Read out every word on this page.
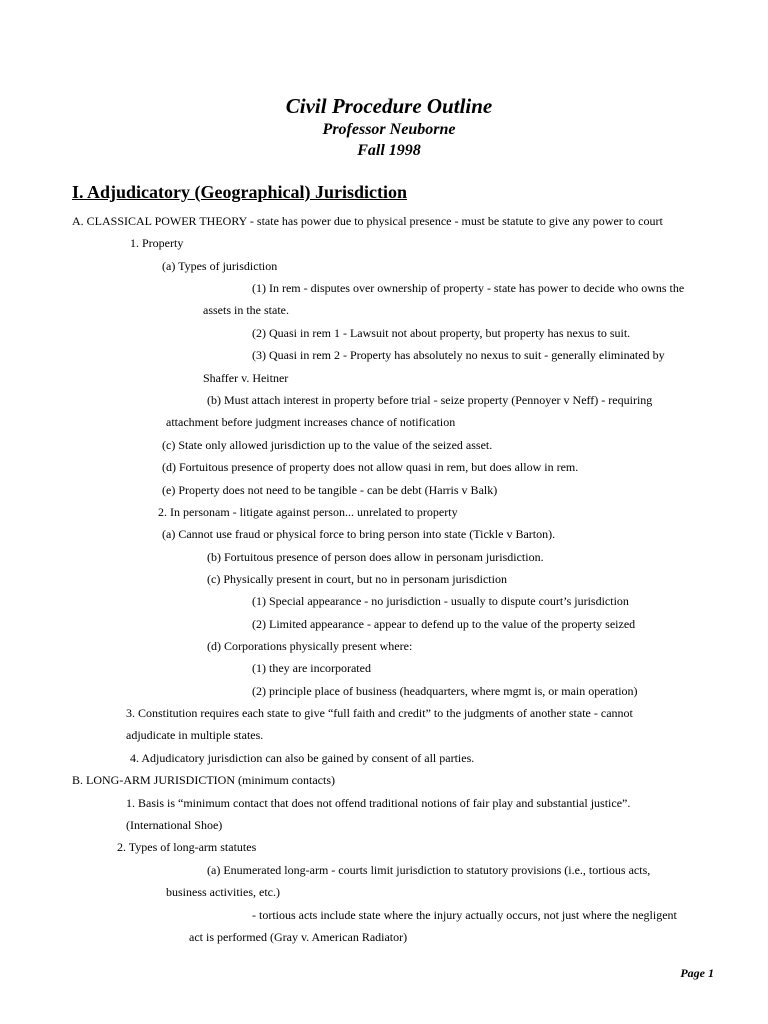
Civil Procedure Outline
Professor Neuborne
Fall 1998
I. Adjudicatory (Geographical) Jurisdiction
A. CLASSICAL POWER THEORY - state has power due to physical presence - must be statute to give any power to court
1. Property
(a) Types of jurisdiction
(1) In rem - disputes over ownership of property - state has power to decide who owns the
assets in the state.
(2) Quasi in rem 1 - Lawsuit not about property, but property has nexus to suit.
(3) Quasi in rem 2 - Property has absolutely no nexus to suit - generally eliminated by
Shaffer v. Heitner
(b) Must attach interest in property before trial - seize property (Pennoyer v Neff) - requiring
attachment before judgment increases chance of notification
(c) State only allowed jurisdiction up to the value of the seized asset.
(d) Fortuitous presence of property does not allow quasi in rem, but does allow in rem.
(e) Property does not need to be tangible - can be debt (Harris v Balk)
2. In personam - litigate against person... unrelated to property
(a) Cannot use fraud or physical force to bring person into state (Tickle v Barton).
(b) Fortuitous presence of person does allow in personam jurisdiction.
(c) Physically present in court, but no in personam jurisdiction
(1) Special appearance - no jurisdiction - usually to dispute court’s jurisdiction
(2) Limited appearance - appear to defend up to the value of the property seized
(d) Corporations physically present where:
(1) they are incorporated
(2) principle place of business (headquarters, where mgmt is, or main operation)
3. Constitution requires each state to give “full faith and credit” to the judgments of another state - cannot
adjudicate in multiple states.
4. Adjudicatory jurisdiction can also be gained by consent of all parties.
B. LONG-ARM JURISDICTION (minimum contacts)
1. Basis is “minimum contact that does not offend traditional notions of fair play and substantial justice”.
(International Shoe)
2. Types of long-arm statutes
(a) Enumerated long-arm - courts limit jurisdiction to statutory provisions (i.e., tortious acts,
business activities, etc.)
- tortious acts include state where the injury actually occurs, not just where the negligent
act is performed (Gray v. American Radiator)
Page 1
